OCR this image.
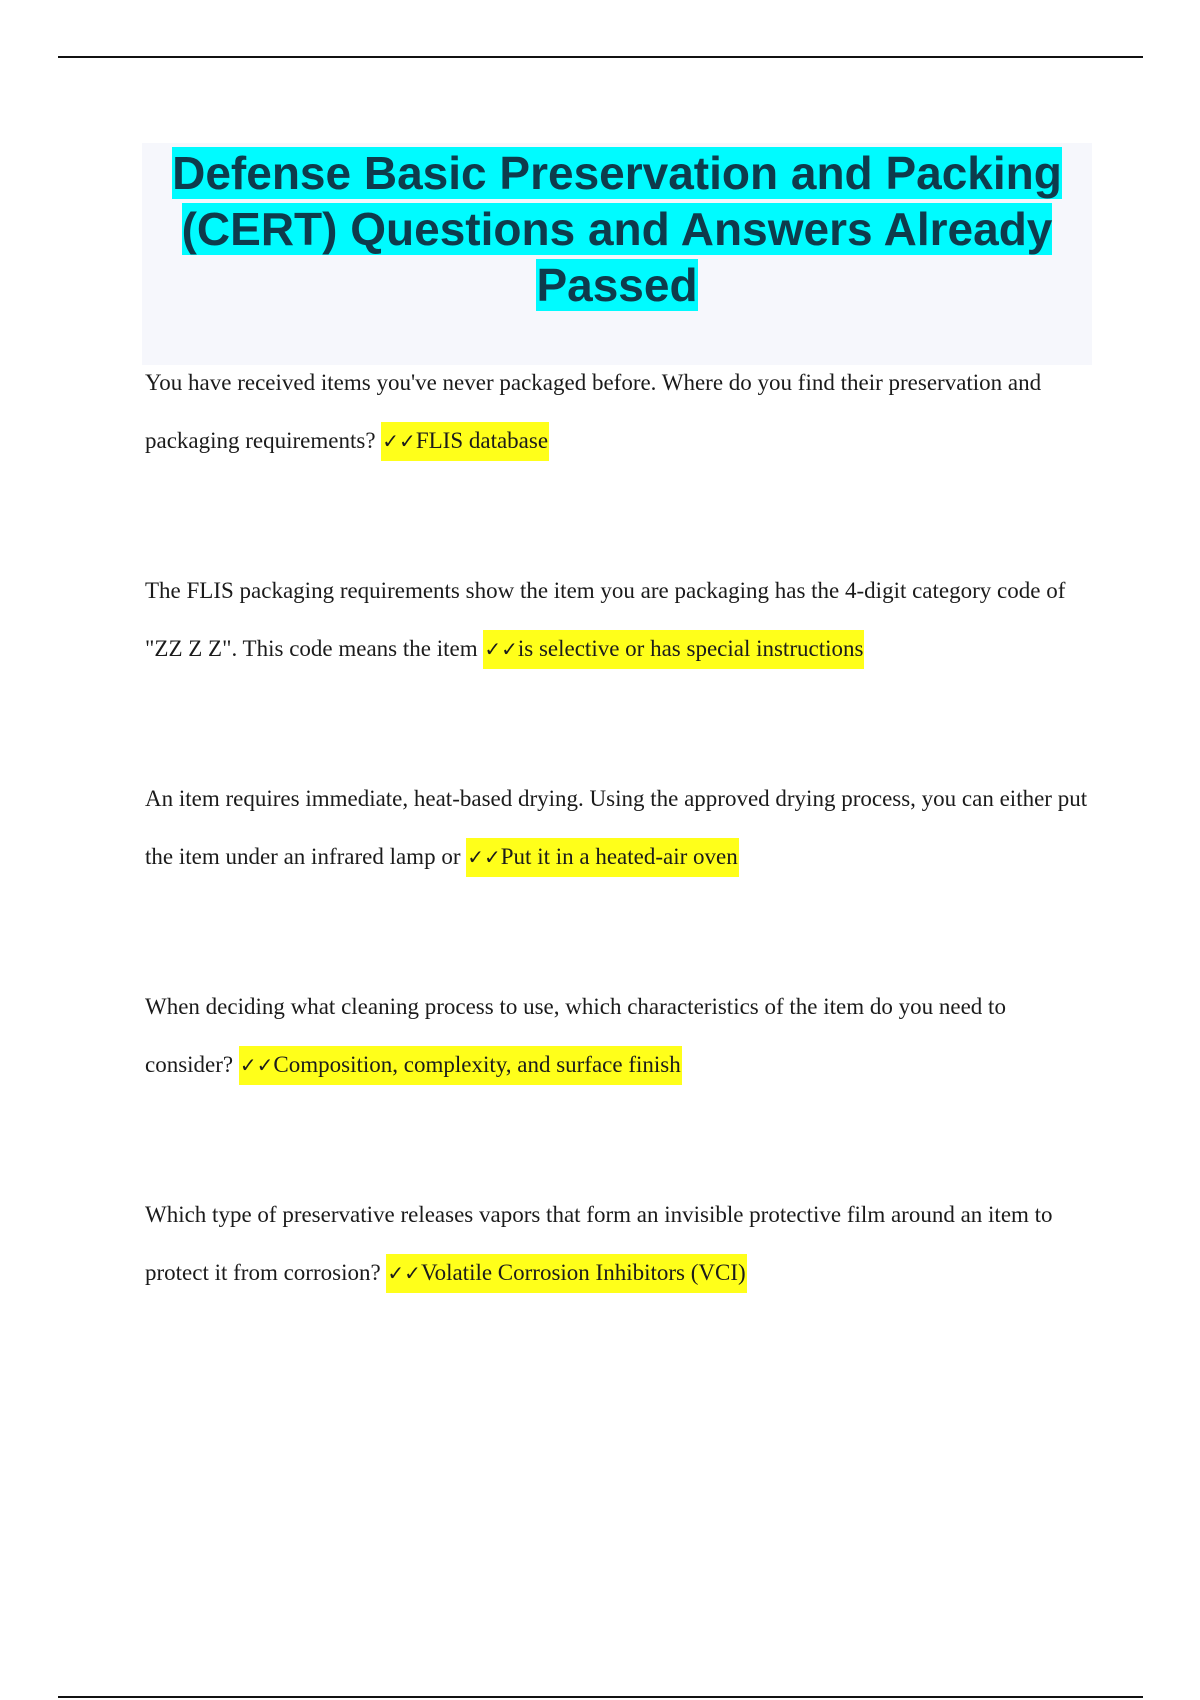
Defense Basic Preservation and Packing (CERT) Questions and Answers Already Passed

You have received items you've never packaged before. Where do you find their preservation and packaging requirements? ✓✓FLIS database

The FLIS packaging requirements show the item you are packaging has the 4-digit category code of "ZZ Z Z". This code means the item ✓✓is selective or has special instructions

An item requires immediate, heat-based drying. Using the approved drying process, you can either put the item under an infrared lamp or ✓✓Put it in a heated-air oven

When deciding what cleaning process to use, which characteristics of the item do you need to consider? ✓✓Composition, complexity, and surface finish

Which type of preservative releases vapors that form an invisible protective film around an item to protect it from corrosion? ✓✓Volatile Corrosion Inhibitors (VCI)
